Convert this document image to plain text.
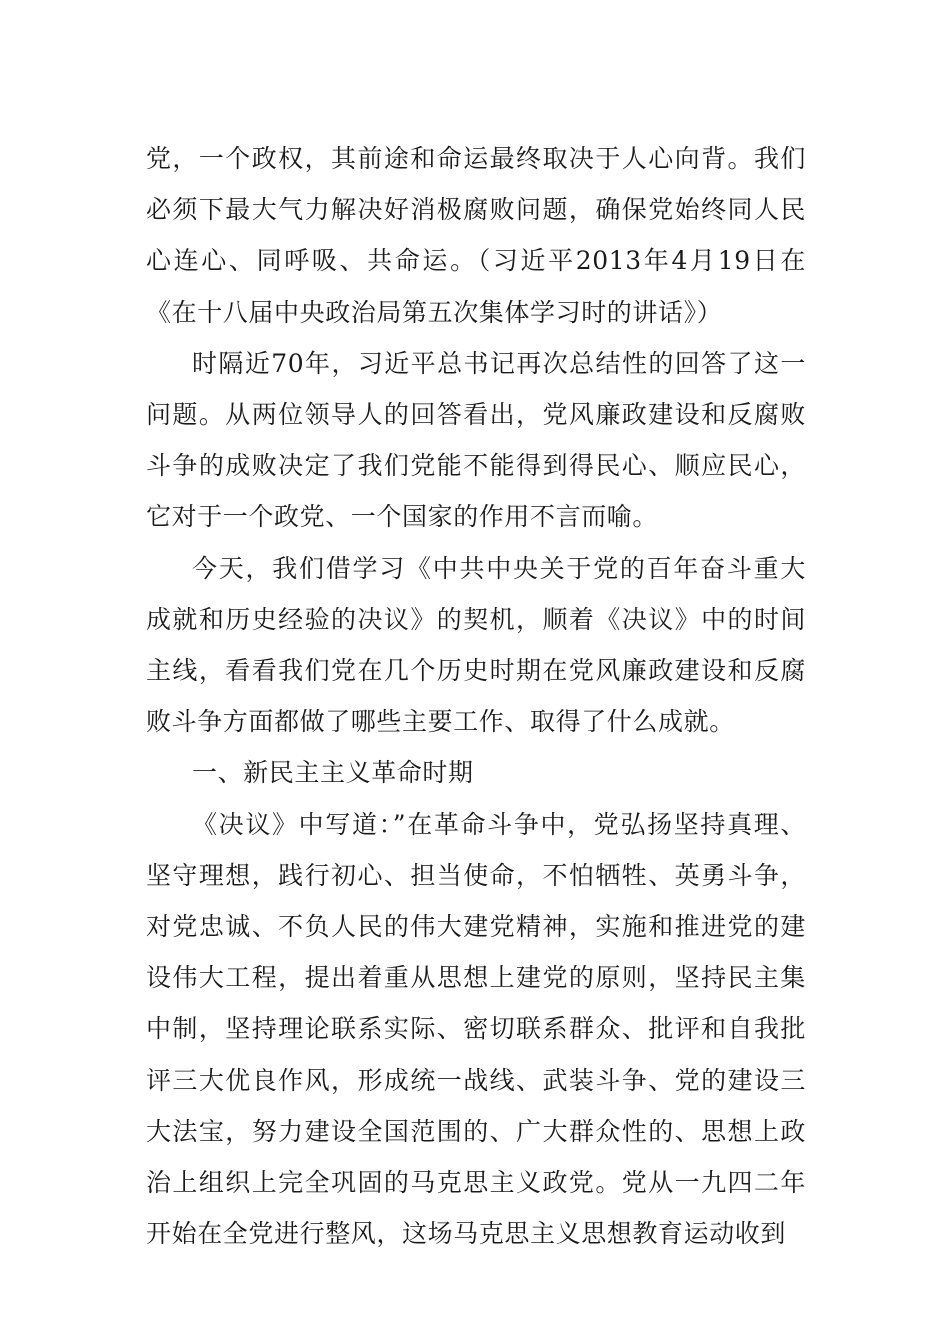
党，一个政权，其前途和命运最终取决于人心向背。我们必须下最大气力解决好消极腐败问题，确保党始终同人民心连心、同呼吸、共命运。（习近平2013年4月19日在《在十八届中央政治局第五次集体学习时的讲话》）

时隔近70年，习近平总书记再次总结性的回答了这一问题。从两位领导人的回答看出，党风廉政建设和反腐败斗争的成败决定了我们党能不能得到得民心、顺应民心，它对于一个政党、一个国家的作用不言而喻。

今天，我们借学习《中共中央关于党的百年奋斗重大成就和历史经验的决议》的契机，顺着《决议》中的时间主线，看看我们党在几个历史时期在党风廉政建设和反腐败斗争方面都做了哪些主要工作、取得了什么成就。

一、新民主主义革命时期

《决议》中写道：”在革命斗争中，党弘扬坚持真理、坚守理想，践行初心、担当使命，不怕牺牲、英勇斗争，对党忠诚、不负人民的伟大建党精神，实施和推进党的建设伟大工程，提出着重从思想上建党的原则，坚持民主集中制，坚持理论联系实际、密切联系群众、批评和自我批评三大优良作风，形成统一战线、武装斗争、党的建设三大法宝，努力建设全国范围的、广大群众性的、思想上政治上组织上完全巩固的马克思主义政党。党从一九四二年开始在全党进行整风，这场马克思主义思想教育运动收到
